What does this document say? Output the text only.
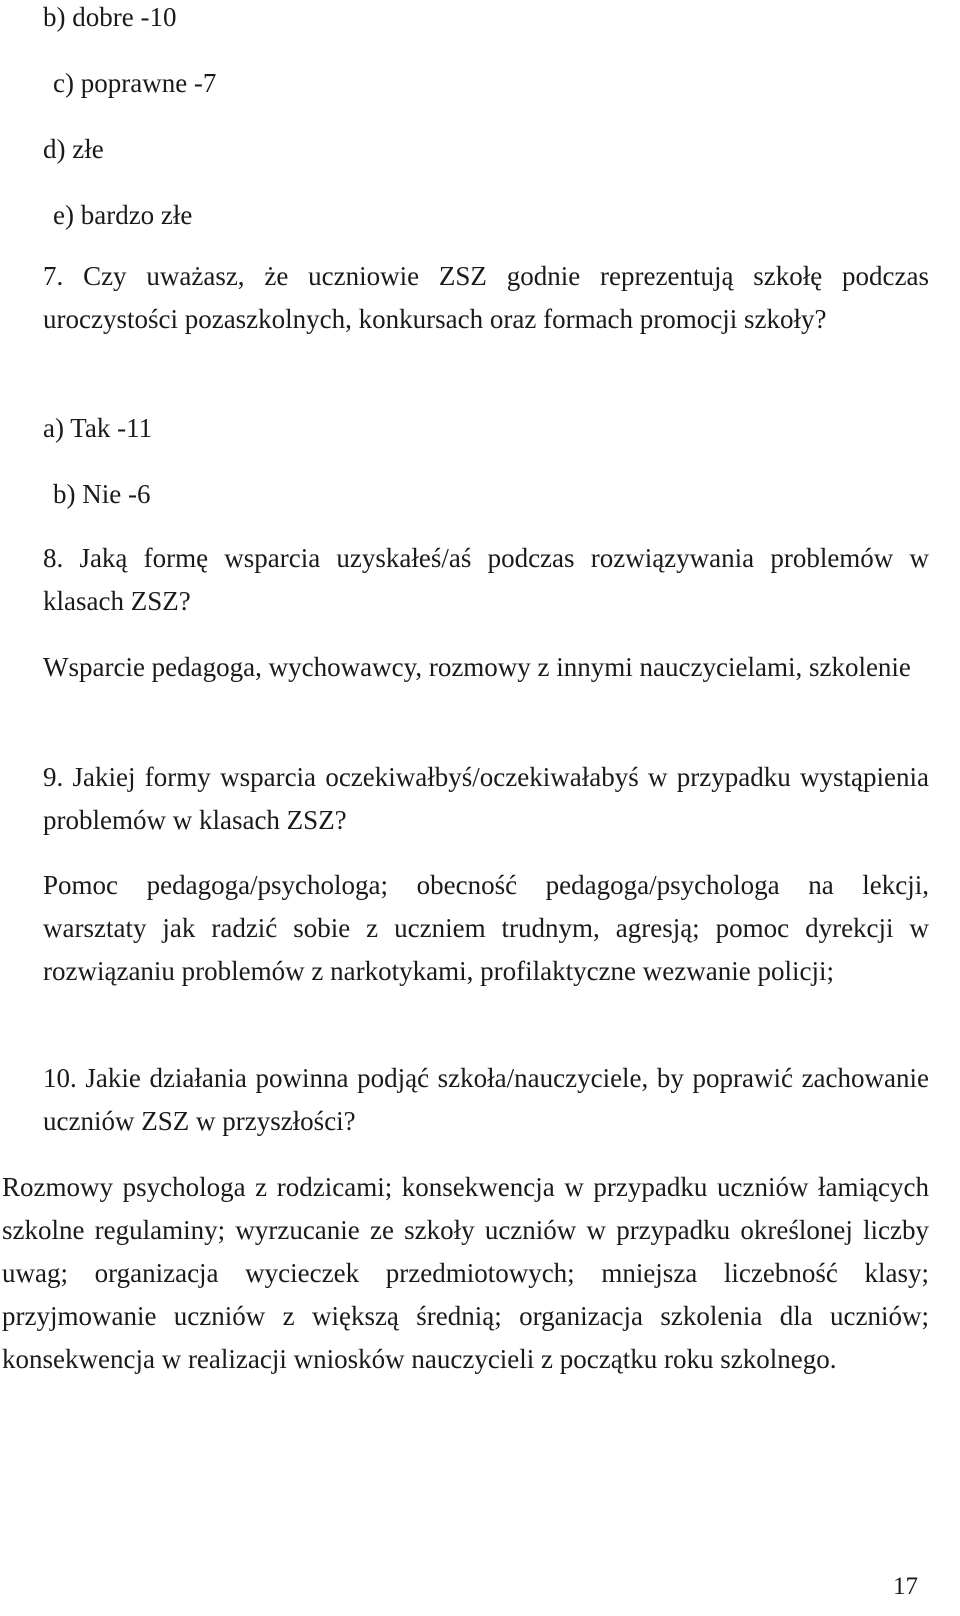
b) dobre -10
c) poprawne -7
d) złe
e) bardzo złe
7. Czy uważasz, że uczniowie ZSZ godnie reprezentują szkołę podczas uroczystości pozaszkolnych, konkursach oraz formach promocji szkoły?
a) Tak -11
b) Nie -6
8. Jaką formę wsparcia uzyskałeś/aś podczas rozwiązywania problemów w klasach ZSZ?
Wsparcie pedagoga, wychowawcy, rozmowy z innymi nauczycielami, szkolenie
9. Jakiej formy wsparcia oczekiwałbyś/oczekiwałabyś w przypadku wystąpienia problemów w klasach ZSZ?
Pomoc pedagoga/psychologa; obecność pedagoga/psychologa na lekcji, warsztaty jak radzić sobie z uczniem trudnym, agresją; pomoc dyrekcji w rozwiązaniu problemów z narkotykami, profilaktyczne wezwanie policji;
10. Jakie działania powinna podjąć szkoła/nauczyciele, by poprawić zachowanie uczniów ZSZ w przyszłości?
Rozmowy psychologa z rodzicami; konsekwencja w przypadku uczniów łamiących szkolne regulaminy; wyrzucanie ze szkoły uczniów w przypadku określonej liczby uwag; organizacja wycieczek przedmiotowych; mniejsza liczebność klasy; przyjmowanie uczniów z większą średnią; organizacja szkolenia dla uczniów; konsekwencja w realizacji wniosków nauczycieli z początku roku szkolnego.
17
